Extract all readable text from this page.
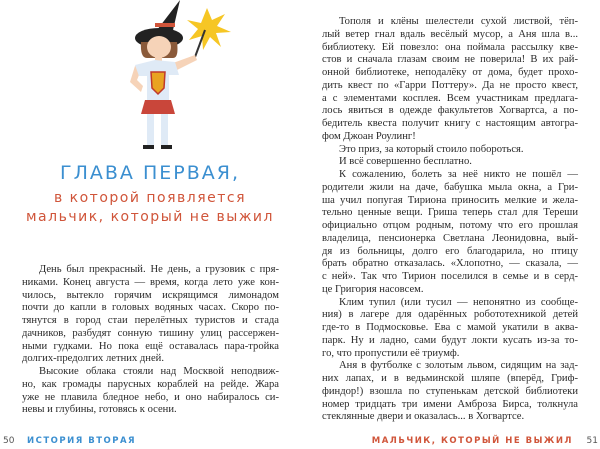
ГЛАВА ПЕРВАЯ,
в которой появляется
мальчик, который не выжил
День был прекрасный. Не день, а грузовик с пря-
никами. Конец августа — время, когда лето уже кон-
чилось, вытекло горячим искрящимся лимонадом
почти до капли в головых водяных часах. Скоро по-
тянутся в город стаи перелётных туристов и стада
дачников, разбудят сонную тишину улиц рассержен-
ными гудками. Но пока ещё оставалась пара-тройка
долгих-предолгих летних дней.
Высокие облака стояли над Москвой неподвиж-
но, как громады парусных кораблей на рейде. Жара
уже не плавила бледное небо, и оно набиралось си-
невы и глубины, готовясь к осени.
50 ИСТОРИЯ ВТОРАЯ
Тополя и клёны шелестели сухой листвой, тёп-
лый ветер гнал вдаль весёлый мусор, а Аня шла в...
библиотеку. Ей повезло: она поймала рассылку кве-
стов и сначала глазам своим не поверила! В их рай-
онной библиотеке, неподалёку от дома, будет прохо-
дить квест по «Гарри Поттеру». Да не просто квест,
а с элементами косплея. Всем участникам предлага-
лось явиться в одежде факультетов Хогвартса, а по-
бедитель квеста получит книгу с настоящим автогра-
фом Джоан Роулинг!
Это приз, за который стоило побороться.
И всё совершенно бесплатно.
К сожалению, болеть за неё никто не пошёл —
родители жили на даче, бабушка мыла окна, а Гри-
ша учил попугая Тириона приносить мелкие и жела-
тельно ценные вещи. Гриша теперь стал для Тереши
официально отцом родным, потому что его прошлая
владелица, пенсионерка Светлана Леонидовна, вый-
дя из больницы, долго его благодарила, но птицу
брать обратно отказалась. «Хлопотно, — сказала, —
с ней». Так что Тирион поселился в семье и в серд-
це Григория насовсем.
Клим тупил (или тусил — непонятно из сообще-
ния) в лагере для одарённых робототехникой детей
где-то в Подмосковье. Ева с мамой укатили в аква-
парк. Ну и ладно, сами будут локти кусать из-за то-
го, что пропустили её триумф.
Аня в футболке с золотым львом, сидящим на зад-
них лапах, и в ведьминской шляпе (вперёд, Гриф-
финдор!) взошла по ступенькам детской библиотеки
номер тридцать три имени Амброза Бирса, толкнула
стеклянные двери и оказалась... в Хогвартсе.
МАЛЬЧИК, КОТОРЫЙ НЕ ВЫЖИЛ 51
